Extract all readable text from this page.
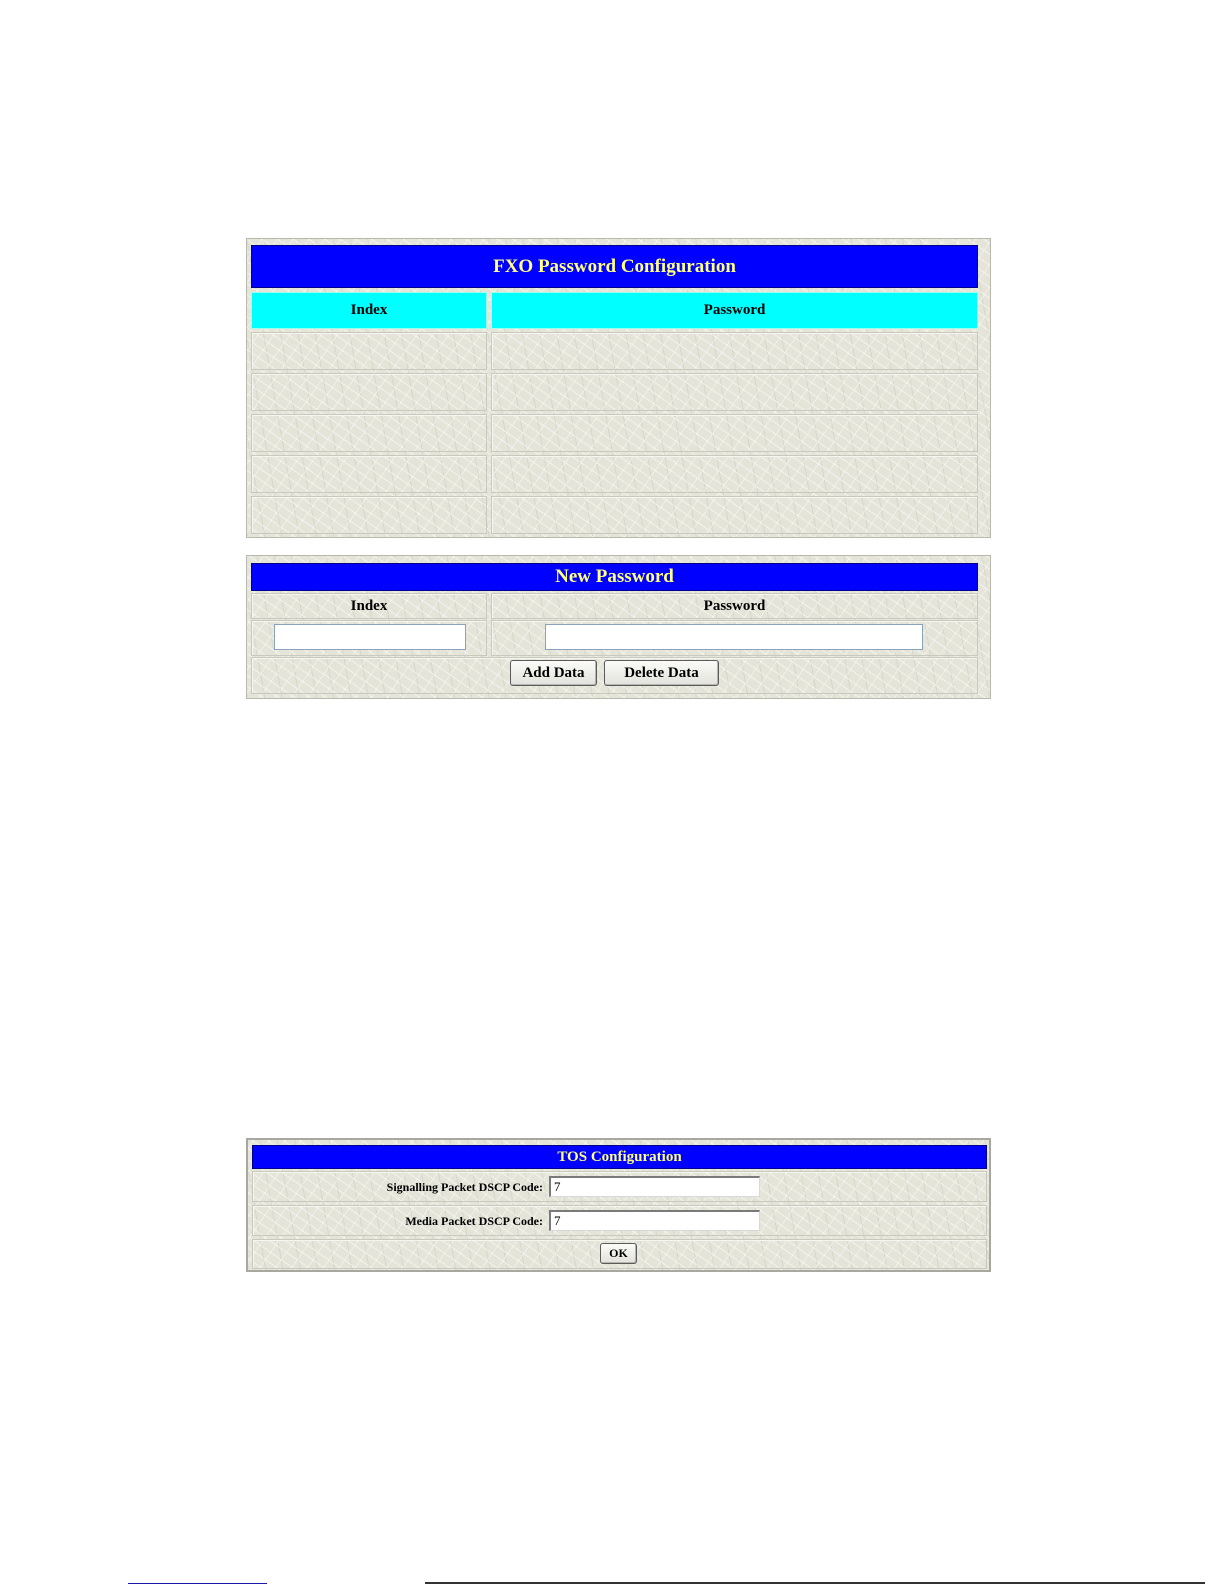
FXO Password Configuration
Index	Password
New Password
Index	Password
Add Data	Delete Data
TOS Configuration
Signalling Packet DSCP Code:
7
Media Packet DSCP Code:
7
OK
